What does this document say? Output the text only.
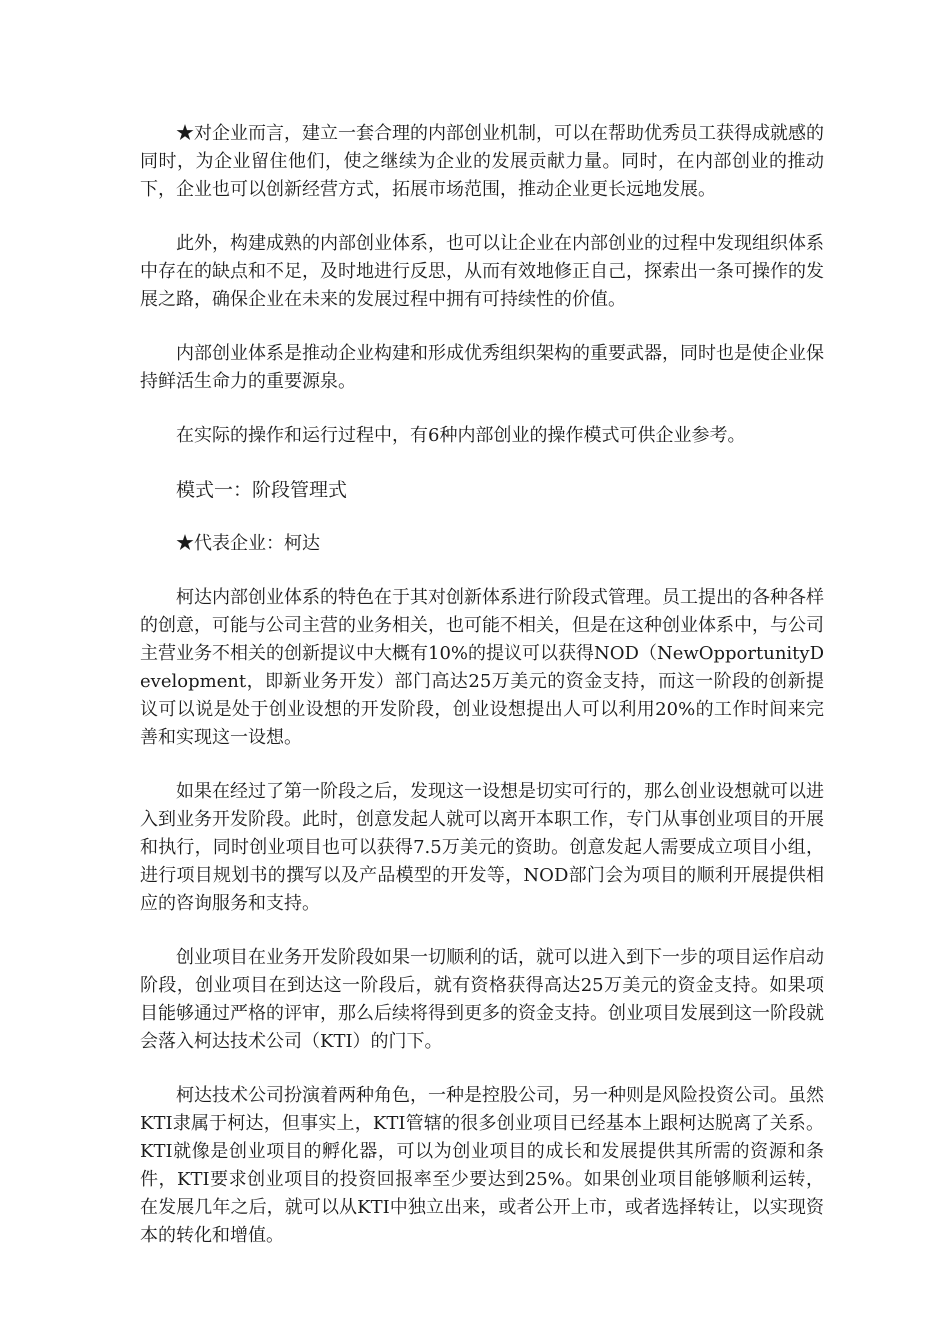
★对企业而言，建立一套合理的内部创业机制，可以在帮助优秀员工获得成就感的同时，为企业留住他们，使之继续为企业的发展贡献力量。同时，在内部创业的推动下，企业也可以创新经营方式，拓展市场范围，推动企业更长远地发展。

此外，构建成熟的内部创业体系，也可以让企业在内部创业的过程中发现组织体系中存在的缺点和不足，及时地进行反思，从而有效地修正自己，探索出一条可操作的发展之路，确保企业在未来的发展过程中拥有可持续性的价值。

内部创业体系是推动企业构建和形成优秀组织架构的重要武器，同时也是使企业保持鲜活生命力的重要源泉。

在实际的操作和运行过程中，有6种内部创业的操作模式可供企业参考。

模式一：阶段管理式

★代表企业：柯达

柯达内部创业体系的特色在于其对创新体系进行阶段式管理。员工提出的各种各样的创意，可能与公司主营的业务相关，也可能不相关，但是在这种创业体系中，与公司主营业务不相关的创新提议中大概有10%的提议可以获得NOD（NewOpportunityDevelopment，即新业务开发）部门高达25万美元的资金支持，而这一阶段的创新提议可以说是处于创业设想的开发阶段，创业设想提出人可以利用20%的工作时间来完善和实现这一设想。

如果在经过了第一阶段之后，发现这一设想是切实可行的，那么创业设想就可以进入到业务开发阶段。此时，创意发起人就可以离开本职工作，专门从事创业项目的开展和执行，同时创业项目也可以获得7.5万美元的资助。创意发起人需要成立项目小组，进行项目规划书的撰写以及产品模型的开发等，NOD部门会为项目的顺利开展提供相应的咨询服务和支持。

创业项目在业务开发阶段如果一切顺利的话，就可以进入到下一步的项目运作启动阶段，创业项目在到达这一阶段后，就有资格获得高达25万美元的资金支持。如果项目能够通过严格的评审，那么后续将得到更多的资金支持。创业项目发展到这一阶段就会落入柯达技术公司（KTI）的门下。

柯达技术公司扮演着两种角色，一种是控股公司，另一种则是风险投资公司。虽然KTI隶属于柯达，但事实上，KTI管辖的很多创业项目已经基本上跟柯达脱离了关系。KTI就像是创业项目的孵化器，可以为创业项目的成长和发展提供其所需的资源和条件，KTI要求创业项目的投资回报率至少要达到25%。如果创业项目能够顺利运转，在发展几年之后，就可以从KTI中独立出来，或者公开上市，或者选择转让，以实现资本的转化和增值。
